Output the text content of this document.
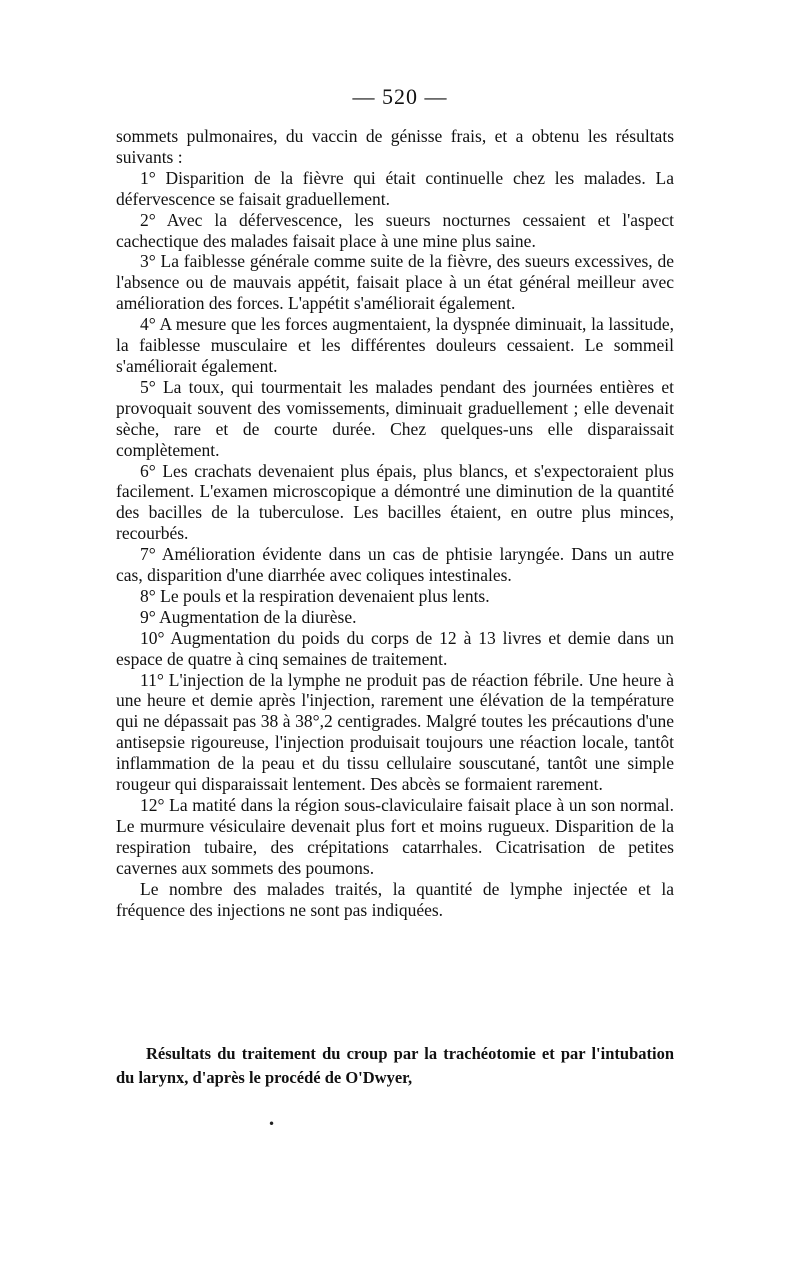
— 520 —

sommets pulmonaires, du vaccin de génisse frais, et a obtenu les résultats suivants :

1° Disparition de la fièvre qui était continuelle chez les malades. La défervescence se faisait graduellement.

2° Avec la défervescence, les sueurs nocturnes cessaient et l'aspect cachectique des malades faisait place à une mine plus saine.

3° La faiblesse générale comme suite de la fièvre, des sueurs excessives, de l'absence ou de mauvais appétit, faisait place à un état général meilleur avec amélioration des forces. L'appétit s'améliorait également.

4° A mesure que les forces augmentaient, la dyspnée diminuait, la lassitude, la faiblesse musculaire et les différentes douleurs cessaient. Le sommeil s'améliorait également.

5° La toux, qui tourmentait les malades pendant des journées entières et provoquait souvent des vomissements, diminuait graduellement ; elle devenait sèche, rare et de courte durée. Chez quelques-uns elle disparaissait complètement.

6° Les crachats devenaient plus épais, plus blancs, et s'expectoraient plus facilement. L'examen microscopique a démontré une diminution de la quantité des bacilles de la tuberculose. Les bacilles étaient, en outre plus minces, recourbés.

7° Amélioration évidente dans un cas de phtisie laryngée. Dans un autre cas, disparition d'une diarrhée avec coliques intestinales.

8° Le pouls et la respiration devenaient plus lents.

9° Augmentation de la diurèse.

10° Augmentation du poids du corps de 12 à 13 livres et demie dans un espace de quatre à cinq semaines de traitement.

11° L'injection de la lymphe ne produit pas de réaction fébrile. Une heure à une heure et demie après l'injection, rarement une élévation de la température qui ne dépassait pas 38 à 38°,2 centigrades. Malgré toutes les précautions d'une antisepsie rigoureuse, l'injection produisait toujours une réaction locale, tantôt inflammation de la peau et du tissu cellulaire souscutané, tantôt une simple rougeur qui disparaissait lentement. Des abcès se formaient rarement.

12° La matité dans la région sous-claviculaire faisait place à un son normal. Le murmure vésiculaire devenait plus fort et moins rugueux. Disparition de la respiration tubaire, des crépitations catarrhales. Cicatrisation de petites cavernes aux sommets des poumons.

Le nombre des malades traités, la quantité de lymphe injectée et la fréquence des injections ne sont pas indiquées.

Résultats du traitement du croup par la trachéotomie et par l'intubation du larynx, d'après le procédé de O'Dwyer,

•
